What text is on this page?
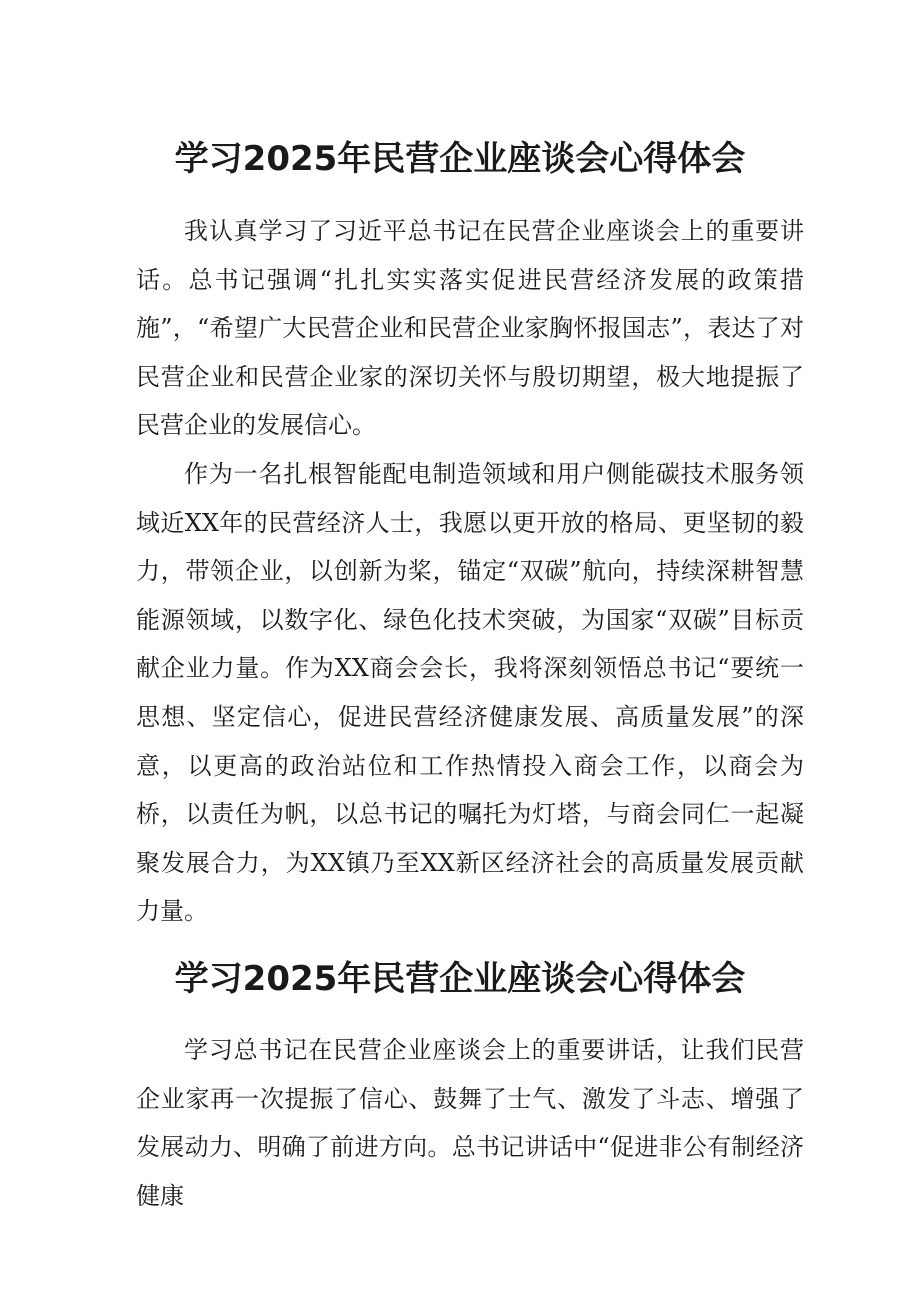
学习2025年民营企业座谈会心得体会

我认真学习了习近平总书记在民营企业座谈会上的重要讲话。总书记强调“扎扎实实落实促进民营经济发展的政策措施”，“希望广大民营企业和民营企业家胸怀报国志”，表达了对民营企业和民营企业家的深切关怀与殷切期望，极大地提振了民营企业的发展信心。

作为一名扎根智能配电制造领域和用户侧能碳技术服务领域近XX年的民营经济人士，我愿以更开放的格局、更坚韧的毅力，带领企业，以创新为桨，锚定“双碳”航向，持续深耕智慧能源领域，以数字化、绿色化技术突破，为国家“双碳”目标贡献企业力量。作为XX商会会长，我将深刻领悟总书记“要统一思想、坚定信心，促进民营经济健康发展、高质量发展”的深意，以更高的政治站位和工作热情投入商会工作，以商会为桥，以责任为帆，以总书记的嘱托为灯塔，与商会同仁一起凝聚发展合力，为XX镇乃至XX新区经济社会的高质量发展贡献力量。

学习2025年民营企业座谈会心得体会

学习总书记在民营企业座谈会上的重要讲话，让我们民营企业家再一次提振了信心、鼓舞了士气、激发了斗志、增强了发展动力、明确了前进方向。总书记讲话中“促进非公有制经济健康
